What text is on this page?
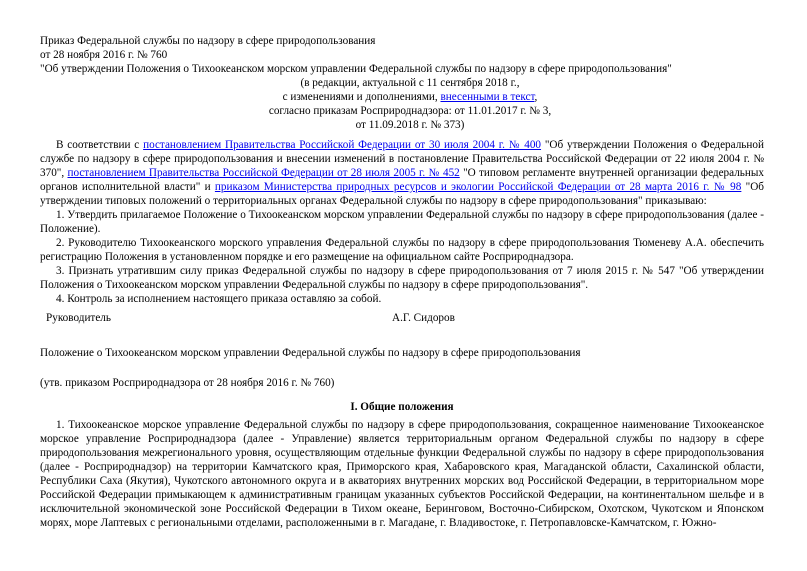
Приказ Федеральной службы по надзору в сфере природопользования
от 28 ноября 2016 г. № 760
"Об утверждении Положения о Тихоокеанском морском управлении Федеральной службы по надзору в сфере природопользования"
(в редакции, актуальной с 11 сентября 2018 г.,
с изменениями и дополнениями, внесенными в текст,
согласно приказам Росприроднадзора: от 11.01.2017 г. № 3,
от 11.09.2018 г. № 373)

В соответствии с постановлением Правительства Российской Федерации от 30 июля 2004 г. № 400 "Об утверждении Положения о Федеральной службе по надзору в сфере природопользования и внесении изменений в постановление Правительства Российской Федерации от 22 июля 2004 г. № 370", постановлением Правительства Российской Федерации от 28 июля 2005 г. № 452 "О типовом регламенте внутренней организации федеральных органов исполнительной власти" и приказом Министерства природных ресурсов и экологии Российской Федерации от 28 марта 2016 г. № 98 "Об утверждении типовых положений о территориальных органах Федеральной службы по надзору в сфере природопользования" приказываю:

1. Утвердить прилагаемое Положение о Тихоокеанском морском управлении Федеральной службы по надзору в сфере природопользования (далее - Положение).

2. Руководителю Тихоокеанского морского управления Федеральной службы по надзору в сфере природопользования Тюменеву А.А. обеспечить регистрацию Положения в установленном порядке и его размещение на официальном сайте Росприроднадзора.

3. Признать утратившим силу приказ Федеральной службы по надзору в сфере природопользования от 7 июля 2015 г. № 547 "Об утверждении Положения о Тихоокеанском морском управлении Федеральной службы по надзору в сфере природопользования".

4. Контроль за исполнением настоящего приказа оставляю за собой.

Руководитель	А.Г. Сидоров
Положение о Тихоокеанском морском управлении Федеральной службы по надзору в сфере природопользования
(утв. приказом Росприроднадзора от 28 ноября 2016 г. № 760)
I. Общие положения

1. Тихоокеанское морское управление Федеральной службы по надзору в сфере природопользования, сокращенное наименование Тихоокеанское морское управление Росприроднадзора (далее - Управление) является территориальным органом Федеральной службы по надзору в сфере природопользования межрегионального уровня, осуществляющим отдельные функции Федеральной службы по надзору в сфере природопользования (далее - Росприроднадзор) на территории Камчатского края, Приморского края, Хабаровского края, Магаданской области, Сахалинской области, Республики Саха (Якутия), Чукотского автономного округа и в акваториях внутренних морских вод Российской Федерации, в территориальном море Российской Федерации примыкающем к административным границам указанных субъектов Российской Федерации, на континентальном шельфе и в исключительной экономической зоне Российской Федерации в Тихом океане, Беринговом, Восточно-Сибирском, Охотском, Чукотском и Японском морях, море Лаптевых с региональными отделами, расположенными в г. Магадане, г. Владивостоке, г. Петропавловске-Камчатском, г. Южно-
